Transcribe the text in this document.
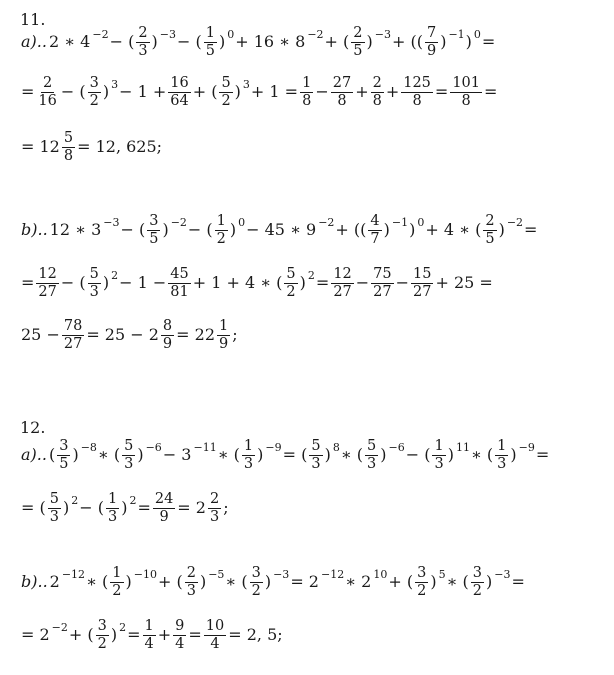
11.
a).. 2 ∗ 4 −2 − ( $\frac{2}{3}$ ) −3 − ( $\frac{1}{5}$ ) 0 + 16 ∗ 8 −2 + ( $\frac{2}{5}$ ) −3 + (( $\frac{7}{9}$ ) −1 ) 0 =
= $\frac{2}{16}$ − ( $\frac{3}{2}$ ) $3 - 1 + \frac{16}{64}$ + ( $\frac{5}{2}$ ) $3 + 1 = \frac{1}{8} - \frac{27}{8} + \frac{2}{8} + \frac{125}{8} = \frac{101}{8}$ =
= $12 \frac{5}{8} = 12$, 625;
b).. 12 ∗ 3 −3 − ( $\frac{3}{5}$ ) −2 − ( $\frac{1}{2}$ ) 0 − 45 ∗ 9 −2 + (( $\frac{4}{7}$ ) −1 ) 0 + 4 ∗ ( $\frac{2}{5}$ ) −2 =
= $\frac{12}{27}$ − ( $\frac{5}{3}$ ) $2 - 1 - \frac{45}{81} + 1 + 4$ ∗ ( $\frac{5}{2}$ ) $2 = \frac{12}{27} - \frac{75}{27} - \frac{15}{27} + 25$ =
$25 - \frac{78}{27} = 25 - 2 \frac{8}{9} = 22 \frac{1}{9}$ ;
12.
a).. ( $\frac{3}{5}$ ) −8 ∗ ( $\frac{5}{3}$ ) −6 − 3 −11 ∗ ( $\frac{1}{3}$ ) −9 = ( $\frac{5}{3}$ ) 8 ∗ ( $\frac{5}{3}$ ) −6 − ( $\frac{1}{3}$ ) 11 ∗ ( $\frac{1}{3}$ ) −9 =
= ( $\frac{5}{3}$ ) 2 − ( $\frac{1}{3}$ ) $2 = \frac{24}{9} = 2 \frac{2}{3}$ ;
b).. 2 −12 ∗ ( $\frac{1}{2}$ ) −10 + ( $\frac{2}{3}$ ) −5 ∗ ( $\frac{3}{2}$ ) −3 = 2 −12 ∗ 2 10 + ( $\frac{3}{2}$ ) 5 ∗ ( $\frac{3}{2}$ ) −3 =
= 2 −2 + ( $\frac{3}{2}$ ) $2 = \frac{1}{4} + \frac{9}{4} = \frac{10}{4} = 2$, 5;
